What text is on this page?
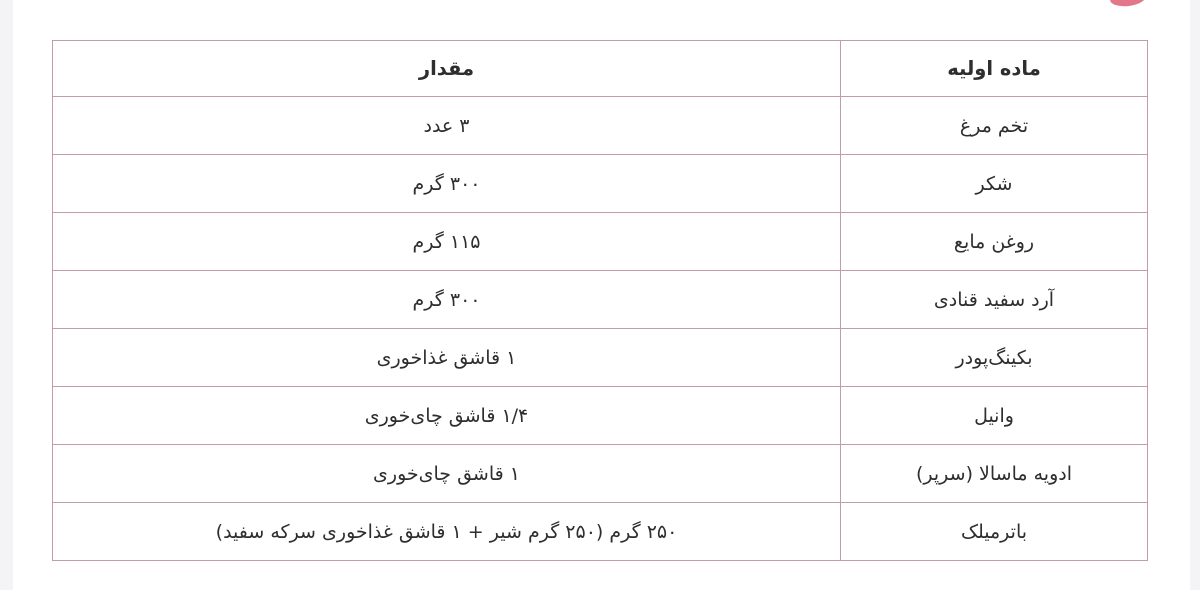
ماده اولیه	مقدار
تخم مرغ	۳ عدد
شکر	۳۰۰ گرم
روغن مایع	۱۱۵ گرم
آرد سفید قنادی	۳۰۰ گرم
بکینگ‌پودر	۱ قاشق غذاخوری
وانیل	۱/۴ قاشق چای‌خوری
ادویه ماسالا (سرپر)	۱ قاشق چای‌خوری
باترمیلک	۲۵۰ گرم (۲۵۰ گرم شیر + ۱ قاشق غذاخوری سرکه سفید)
